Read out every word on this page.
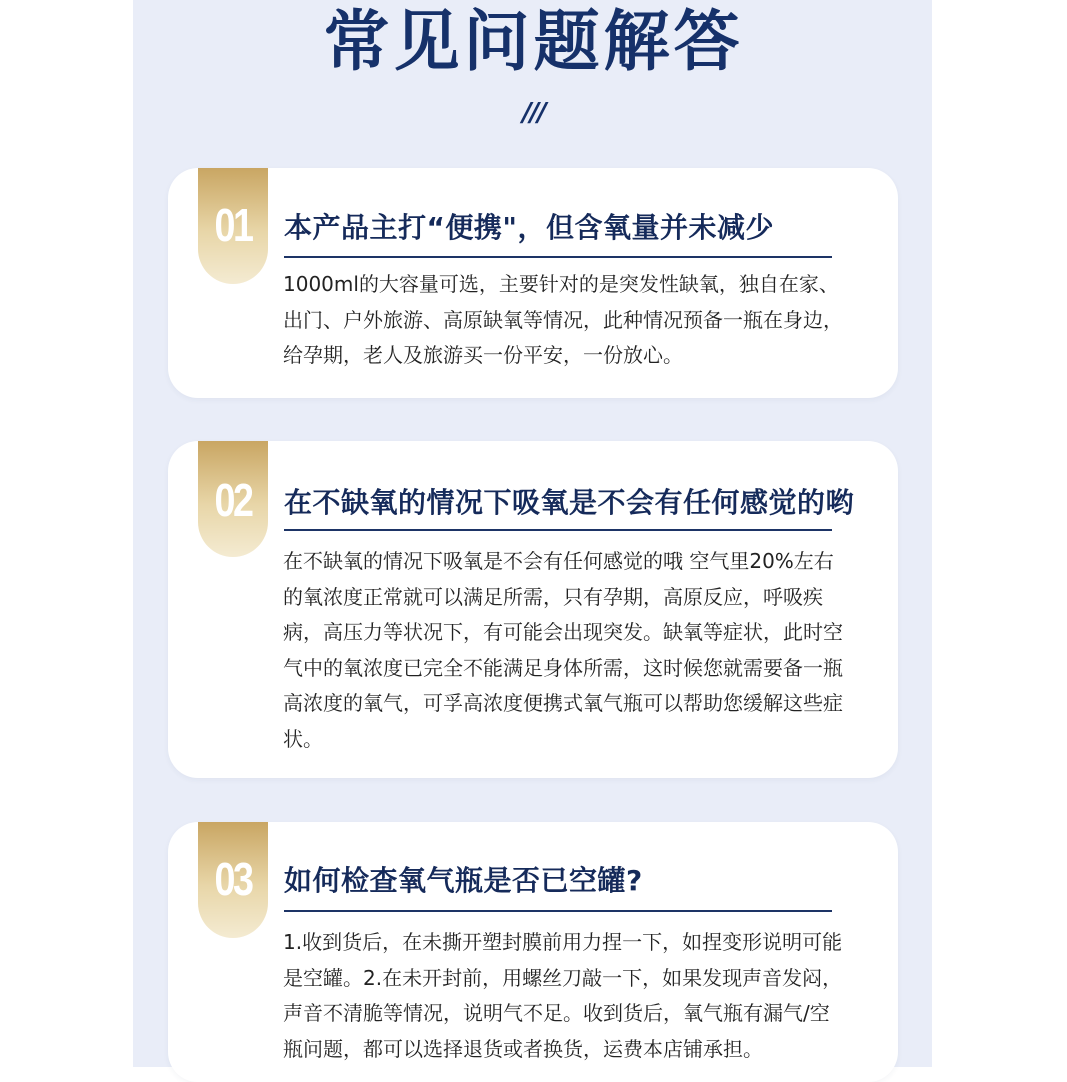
常见问题解答
///
01	本产品主打“便携"，但含氧量并未减少
1000ml的大容量可选，主要针对的是突发性缺氧，独自在家、出门、户外旅游、高原缺氧等情况，此种情况预备一瓶在身边，给孕期，老人及旅游买一份平安，一份放心。
02	在不缺氧的情况下吸氧是不会有任何感觉的哟
在不缺氧的情况下吸氧是不会有任何感觉的哦 空气里20%左右的氧浓度正常就可以满足所需，只有孕期，高原反应，呼吸疾病，高压力等状况下，有可能会出现突发。缺氧等症状，此时空气中的氧浓度已完全不能满足身体所需，这时候您就需要备一瓶高浓度的氧气，可孚高浓度便携式氧气瓶可以帮助您缓解这些症状。
03	如何检查氧气瓶是否已空罐?
1.收到货后，在未撕开塑封膜前用力捏一下，如捏变形说明可能是空罐。2.在未开封前，用螺丝刀敲一下，如果发现声音发闷，声音不清脆等情况，说明气不足。收到货后，氧气瓶有漏气/空瓶问题，都可以选择退货或者换货，运费本店铺承担。
